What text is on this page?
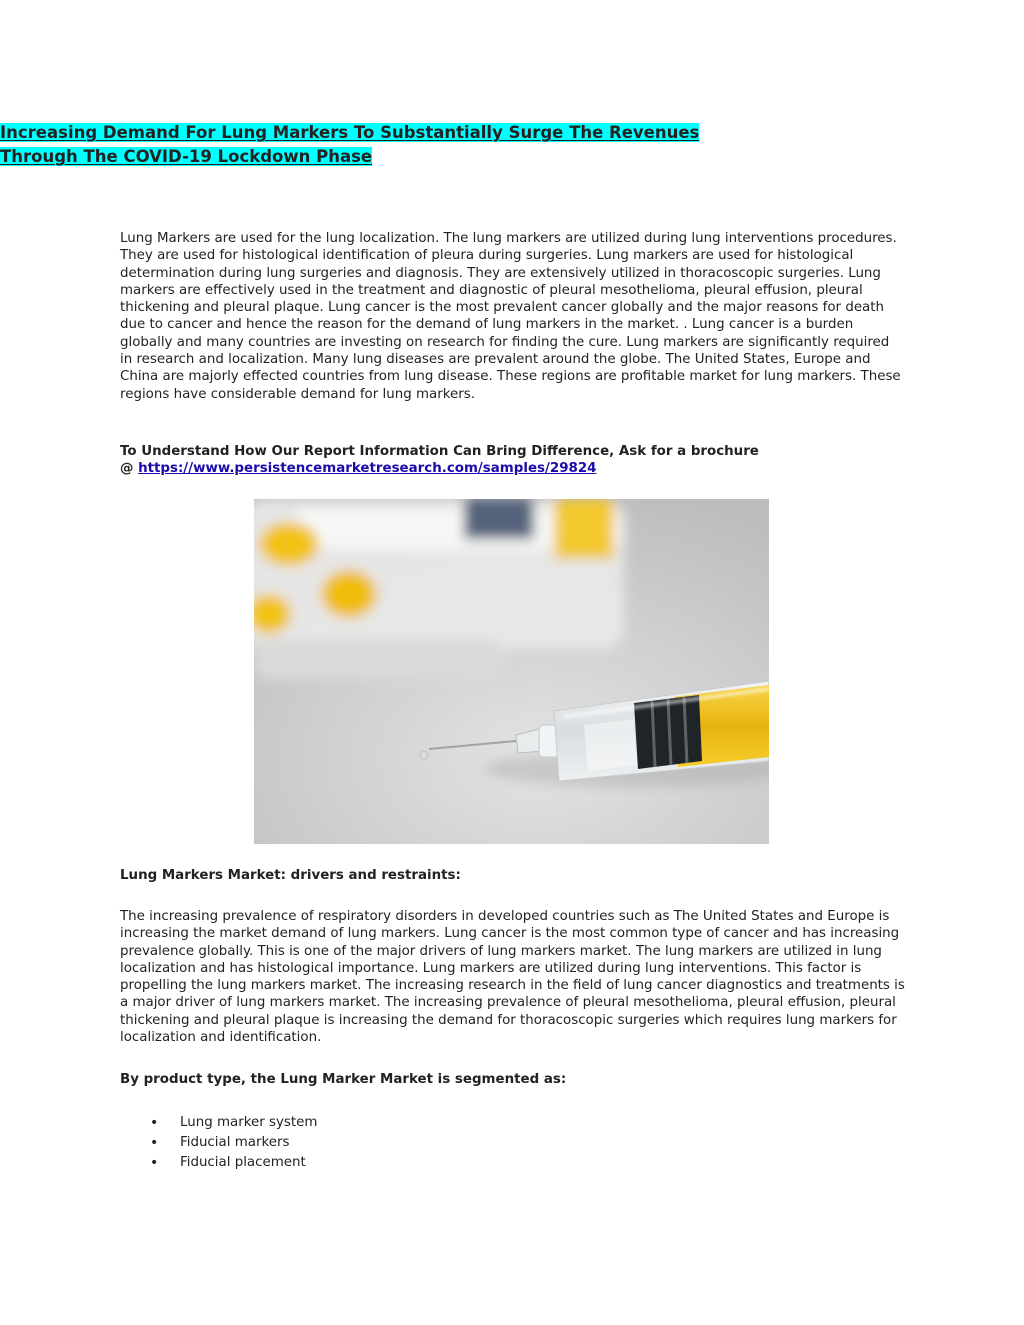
Increasing Demand For Lung Markers To Substantially Surge The Revenues
Through The COVID-19 Lockdown Phase

Lung Markers are used for the lung localization. The lung markers are utilized during lung interventions procedures. They are used for histological identification of pleura during surgeries. Lung markers are used for histological determination during lung surgeries and diagnosis. They are extensively utilized in thoracoscopic surgeries. Lung markers are effectively used in the treatment and diagnostic of pleural mesothelioma, pleural effusion, pleural thickening and pleural plaque. Lung cancer is the most prevalent cancer globally and the major reasons for death due to cancer and hence the reason for the demand of lung markers in the market. . Lung cancer is a burden globally and many countries are investing on research for finding the cure. Lung markers are significantly required in research and localization. Many lung diseases are prevalent around the globe. The United States, Europe and China are majorly effected countries from lung disease. These regions are profitable market for lung markers. These regions have considerable demand for lung markers.

To Understand How Our Report Information Can Bring Difference, Ask for a brochure
@ https://www.persistencemarketresearch.com/samples/29824

Lung Markers Market: drivers and restraints:

The increasing prevalence of respiratory disorders in developed countries such as The United States and Europe is increasing the market demand of lung markers. Lung cancer is the most common type of cancer and has increasing prevalence globally. This is one of the major drivers of lung markers market. The lung markers are utilized in lung localization and has histological importance. Lung markers are utilized during lung interventions. This factor is propelling the lung markers market. The increasing research in the field of lung cancer diagnostics and treatments is a major driver of lung markers market. The increasing prevalence of pleural mesothelioma, pleural effusion, pleural thickening and pleural plaque is increasing the demand for thoracoscopic surgeries which requires lung markers for localization and identification.

By product type, the Lung Marker Market is segmented as:

• Lung marker system
• Fiducial markers
• Fiducial placement
